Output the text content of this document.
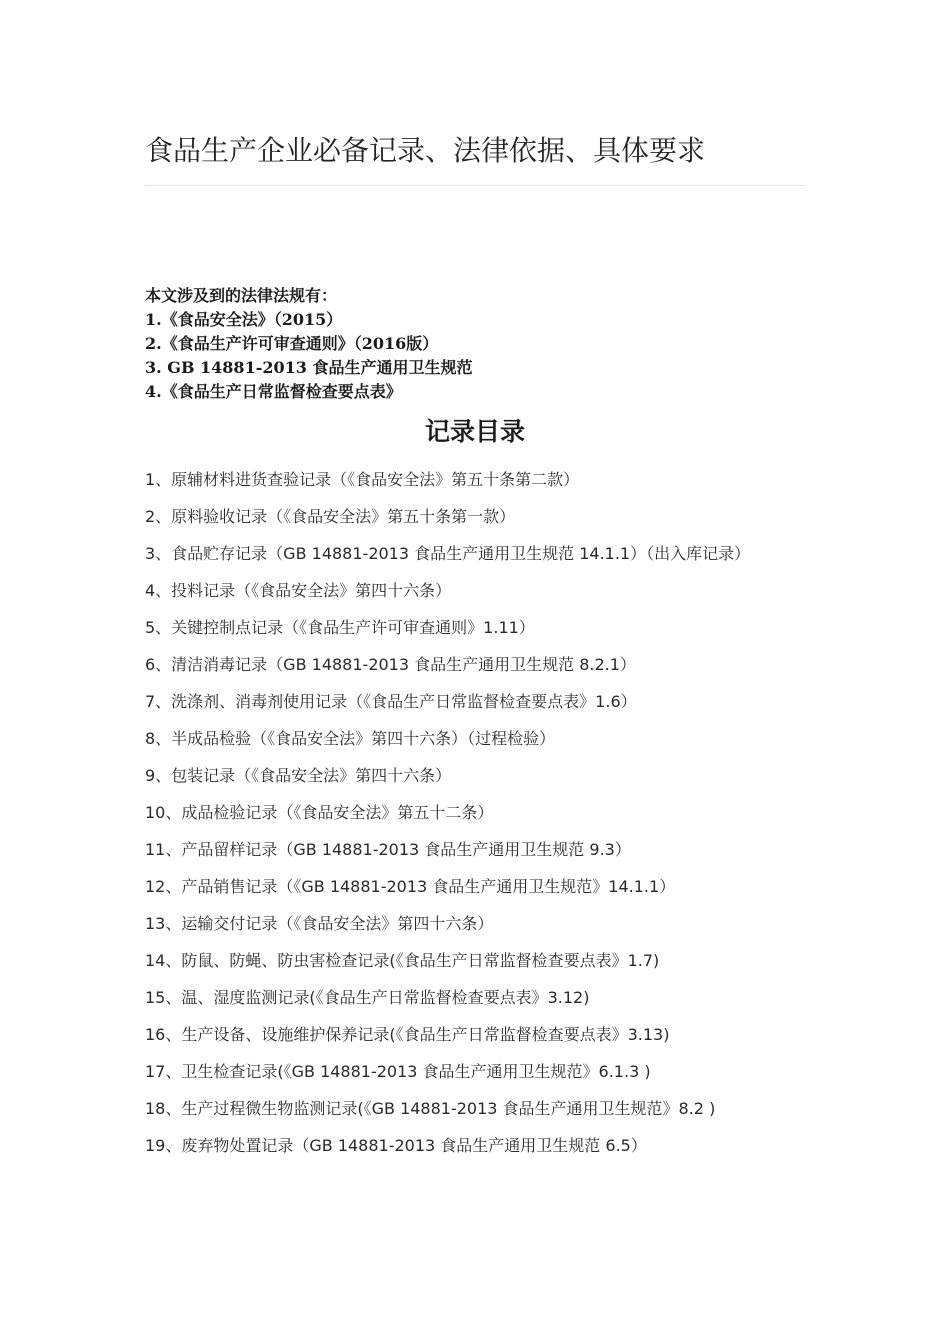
食品生产企业必备记录、法律依据、具体要求
本文涉及到的法律法规有：
1.《食品安全法》（2015）
2.《食品生产许可审查通则》（2016版）
3. GB 14881-2013 食品生产通用卫生规范
4.《食品生产日常监督检查要点表》
记录目录
1、原辅材料进货查验记录（《食品安全法》第五十条第二款）
2、原料验收记录（《食品安全法》第五十条第一款）
3、食品贮存记录（GB 14881-2013 食品生产通用卫生规范 14.1.1）（出入库记录）
4、投料记录（《食品安全法》第四十六条）
5、关键控制点记录（《食品生产许可审查通则》1.11）
6、清洁消毒记录（GB 14881-2013 食品生产通用卫生规范 8.2.1）
7、洗涤剂、消毒剂使用记录（《食品生产日常监督检查要点表》1.6）
8、半成品检验（《食品安全法》第四十六条）（过程检验）
9、包装记录（《食品安全法》第四十六条）
10、成品检验记录（《食品安全法》第五十二条）
11、产品留样记录（GB 14881-2013 食品生产通用卫生规范 9.3）
12、产品销售记录（《GB 14881-2013 食品生产通用卫生规范》14.1.1）
13、运输交付记录（《食品安全法》第四十六条）
14、防鼠、防蝇、防虫害检查记录(《食品生产日常监督检查要点表》1.7)
15、温、湿度监测记录(《食品生产日常监督检查要点表》3.12)
16、生产设备、设施维护保养记录(《食品生产日常监督检查要点表》3.13)
17、卫生检查记录(《GB 14881-2013 食品生产通用卫生规范》6.1.3 )
18、生产过程微生物监测记录(《GB 14881-2013 食品生产通用卫生规范》8.2 )
19、废弃物处置记录（GB 14881-2013 食品生产通用卫生规范 6.5）
